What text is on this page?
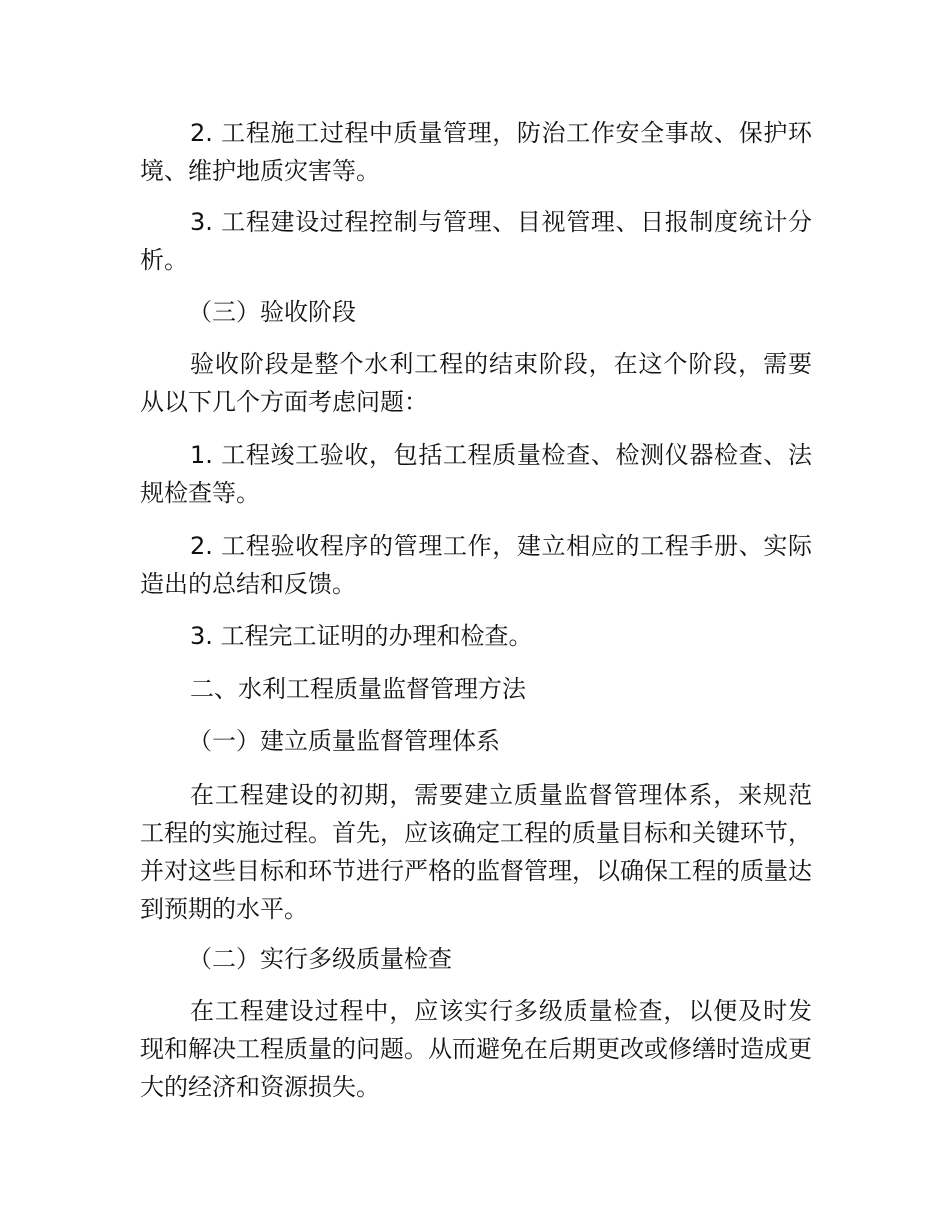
2. 工程施工过程中质量管理，防治工作安全事故、保护环境、维护地质灾害等。

3. 工程建设过程控制与管理、目视管理、日报制度统计分析。

（三）验收阶段

验收阶段是整个水利工程的结束阶段，在这个阶段，需要从以下几个方面考虑问题：

1. 工程竣工验收，包括工程质量检查、检测仪器检查、法规检查等。

2. 工程验收程序的管理工作，建立相应的工程手册、实际造出的总结和反馈。

3. 工程完工证明的办理和检查。

二、水利工程质量监督管理方法

（一）建立质量监督管理体系

在工程建设的初期，需要建立质量监督管理体系，来规范工程的实施过程。首先，应该确定工程的质量目标和关键环节，并对这些目标和环节进行严格的监督管理，以确保工程的质量达到预期的水平。

（二）实行多级质量检查

在工程建设过程中，应该实行多级质量检查，以便及时发现和解决工程质量的问题。从而避免在后期更改或修缮时造成更大的经济和资源损失。
